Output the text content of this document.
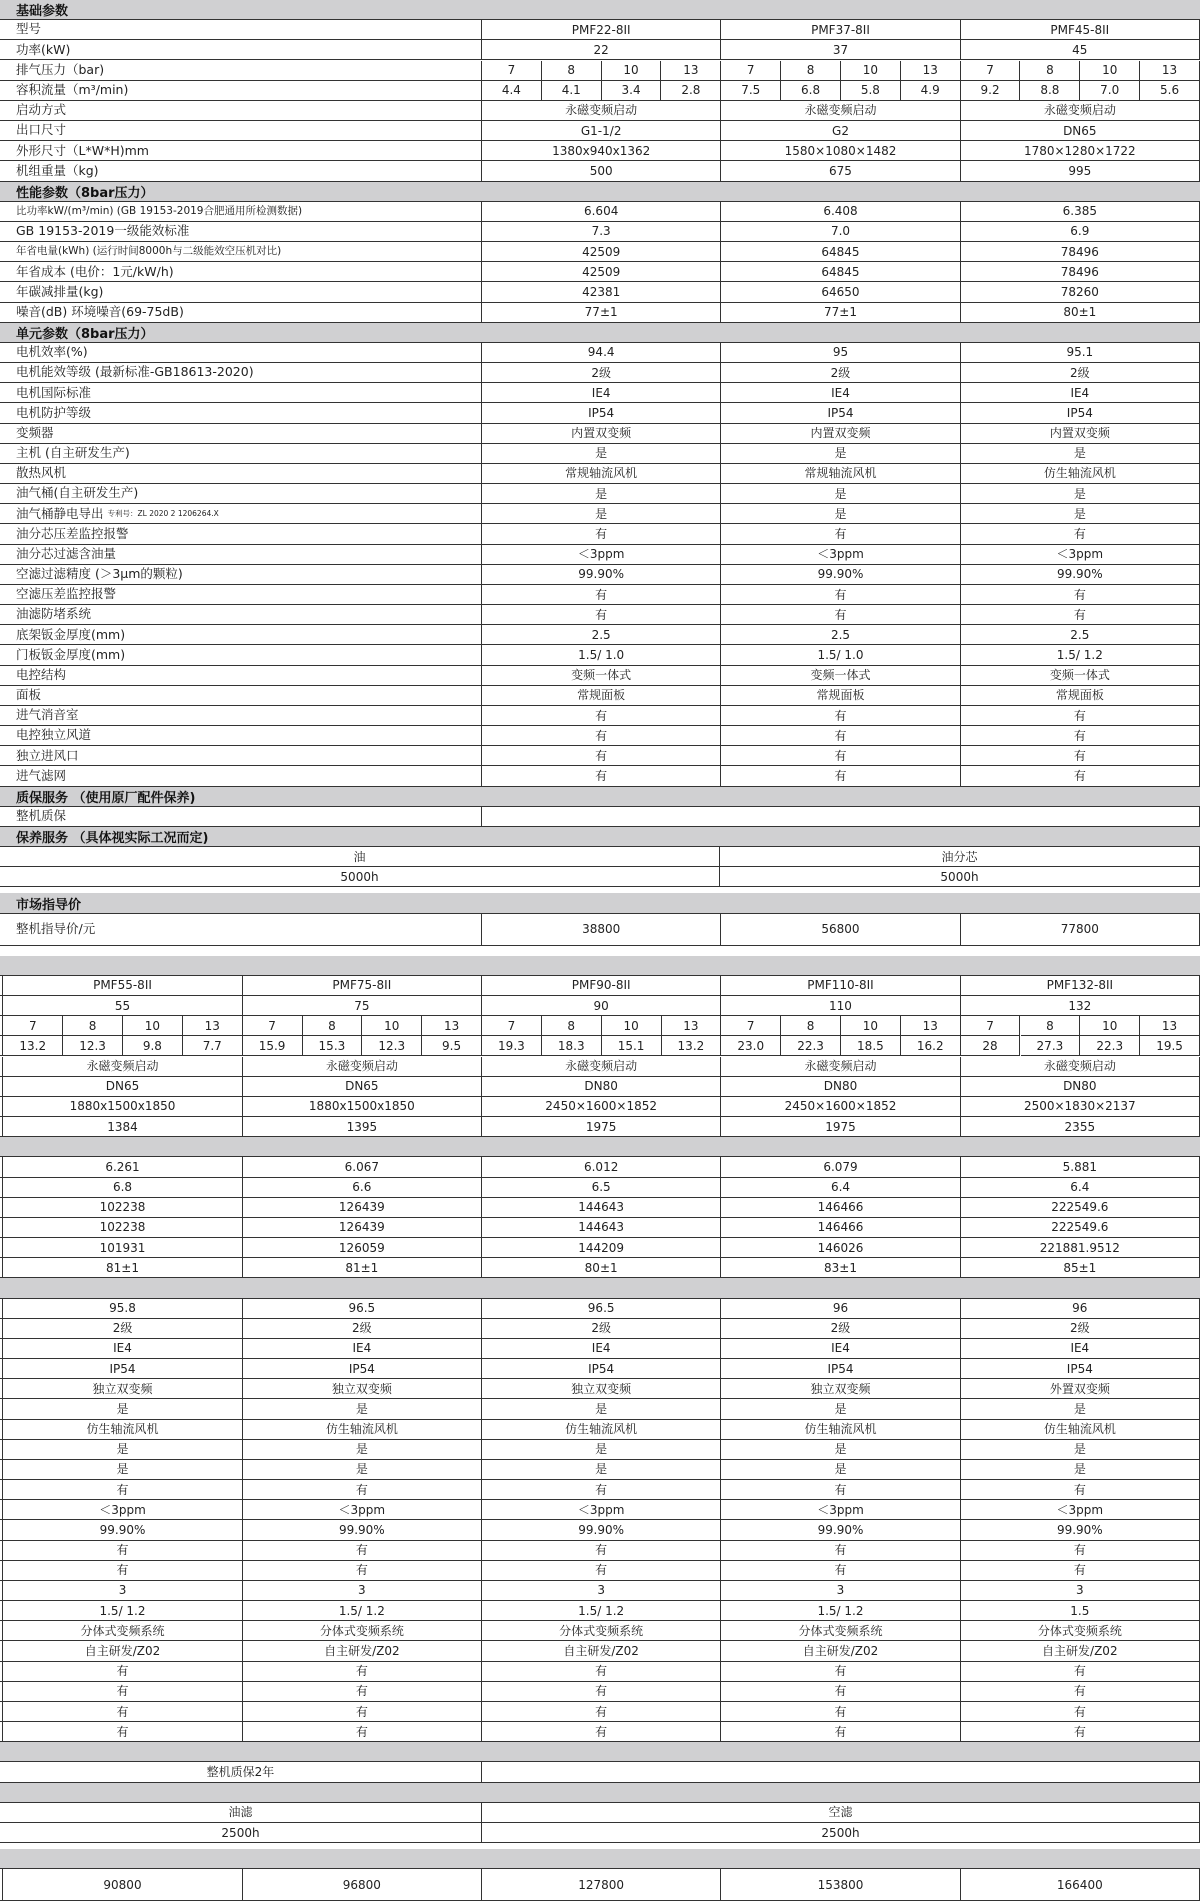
基础参数
型号	PMF22-8II	PMF37-8II	PMF45-8II
功率(kW)	22	37	45
排气压力（bar)	7	8	10	13	7	8	10	13	7	8	10	13
容积流量（m³/min)	4.4	4.1	3.4	2.8	7.5	6.8	5.8	4.9	9.2	8.8	7.0	5.6
启动方式	永磁变频启动	永磁变频启动	永磁变频启动
出口尺寸	G1-1/2	G2	DN65
外形尺寸（L*W*H)mm	1380x940x1362	1580×1080×1482	1780×1280×1722
机组重量（kg)	500	675	995
性能参数（8bar压力）
比功率kW/(m³/min) (GB 19153-2019合肥通用所检测数据)	6.604	6.408	6.385
GB 19153-2019一级能效标准	7.3	7.0	6.9
年省电量(kWh) (运行时间8000h与二级能效空压机对比)	42509	64845	78496
年省成本 (电价：1元/kW/h)	42509	64845	78496
年碳减排量(kg)	42381	64650	78260
噪音(dB) 环境噪音(69-75dB)	77±1	77±1	80±1
单元参数（8bar压力）
电机效率(%)	94.4	95	95.1
电机能效等级 (最新标准-GB18613-2020)	2级	2级	2级
电机国际标准	IE4	IE4	IE4
电机防护等级	IP54	IP54	IP54
变频器	内置双变频	内置双变频	内置双变频
主机 (自主研发生产)	是	是	是
散热风机	常规轴流风机	常规轴流风机	仿生轴流风机
油气桶(自主研发生产)	是	是	是
油气桶静电导出 专利号：ZL 2020 2 1206264.X	是	是	是
油分芯压差监控报警	有	有	有
油分芯过滤含油量	＜3ppm	＜3ppm	＜3ppm
空滤过滤精度 (＞3μm的颗粒)	99.90%	99.90%	99.90%
空滤压差监控报警	有	有	有
油滤防堵系统	有	有	有
底架钣金厚度(mm)	2.5	2.5	2.5
门板钣金厚度(mm)	1.5/ 1.0	1.5/ 1.0	1.5/ 1.2
电控结构	变频一体式	变频一体式	变频一体式
面板	常规面板	常规面板	常规面板
进气消音室	有	有	有
电控独立风道	有	有	有
独立进风口	有	有	有
进气滤网	有	有	有
质保服务 （使用原厂配件保养)
整机质保
保养服务 （具体视实际工况而定)
油	油分芯
5000h	5000h
市场指导价
整机指导价/元	38800	56800	77800
PMF55-8II	PMF75-8II	PMF90-8II	PMF110-8II	PMF132-8II
55	75	90	110	132
7	8	10	13	7	8	10	13	7	8	10	13	7	8	10	13	7	8	10	13
13.2	12.3	9.8	7.7	15.9	15.3	12.3	9.5	19.3	18.3	15.1	13.2	23.0	22.3	18.5	16.2	28	27.3	22.3	19.5
永磁变频启动	永磁变频启动	永磁变频启动	永磁变频启动	永磁变频启动
DN65	DN65	DN80	DN80	DN80
1880x1500x1850	1880x1500x1850	2450×1600×1852	2450×1600×1852	2500×1830×2137
1384	1395	1975	1975	2355
6.261	6.067	6.012	6.079	5.881
6.8	6.6	6.5	6.4	6.4
102238	126439	144643	146466	222549.6
102238	126439	144643	146466	222549.6
101931	126059	144209	146026	221881.9512
81±1	81±1	80±1	83±1	85±1
95.8	96.5	96.5	96	96
2级	2级	2级	2级	2级
IE4	IE4	IE4	IE4	IE4
IP54	IP54	IP54	IP54	IP54
独立双变频	独立双变频	独立双变频	独立双变频	外置双变频
是	是	是	是	是
仿生轴流风机	仿生轴流风机	仿生轴流风机	仿生轴流风机	仿生轴流风机
是	是	是	是	是
是	是	是	是	是
有	有	有	有	有
＜3ppm	＜3ppm	＜3ppm	＜3ppm	＜3ppm
99.90%	99.90%	99.90%	99.90%	99.90%
有	有	有	有	有
有	有	有	有	有
3	3	3	3	3
1.5/ 1.2	1.5/ 1.2	1.5/ 1.2	1.5/ 1.2	1.5
分体式变频系统	分体式变频系统	分体式变频系统	分体式变频系统	分体式变频系统
自主研发/Z02	自主研发/Z02	自主研发/Z02	自主研发/Z02	自主研发/Z02
有	有	有	有	有
有	有	有	有	有
有	有	有	有	有
有	有	有	有	有
整机质保2年
油滤	空滤
2500h	2500h
90800	96800	127800	153800	166400
